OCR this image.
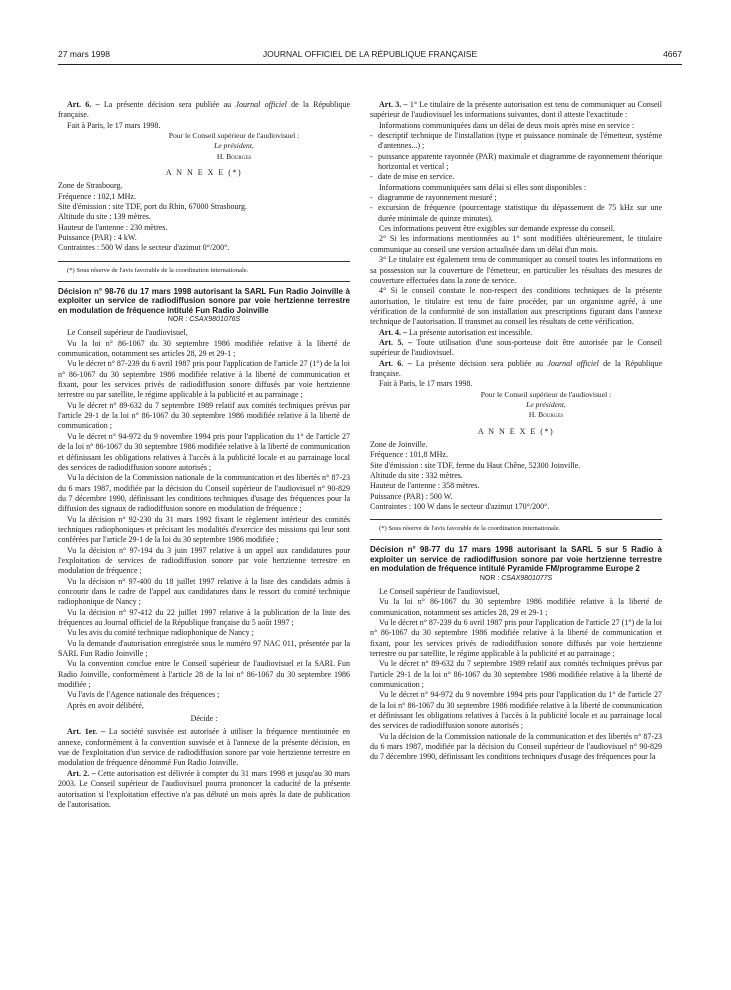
27 mars 1998	JOURNAL OFFICIEL DE LA RÉPUBLIQUE FRANÇAISE	4667

Art. 6. – La présente décision sera publiée au Journal officiel de la République française.

Fait à Paris, le 17 mars 1998.

Pour le Conseil supérieur de l'audiovisuel :

Le président,

H. Bourges

A N N E X E (*)

Zone de Strasbourg.

Fréquence : 102,1 MHz.

Site d'émission : site TDF, port du Rhin, 67000 Strasbourg.

Altitude du site : 139 mètres.

Hauteur de l'antenne : 230 mètres.

Puissance (PAR) : 4 kW.

Contraintes : 500 W dans le secteur d'azimut 0°/200°.

(*) Sous réserve de l'avis favorable de la coordination internationale.

Décision n° 98-76 du 17 mars 1998 autorisant la SARL Fun Radio Joinville à exploiter un service de radiodiffusion sonore par voie hertzienne terrestre en modulation de fréquence intitulé Fun Radio Joinville

NOR : CSAX9801076S

Le Conseil supérieur de l'audiovisuel,

Vu la loi n° 86-1067 du 30 septembre 1986 modifiée relative à la liberté de communication, notamment ses articles 28, 29 et 29-1 ;

Vu le décret n° 87-239 du 6 avril 1987 pris pour l'application de l'article 27 (1°) de la loi n° 86-1067 du 30 septembre 1986 modifiée relative à la liberté de communication et fixant, pour les services privés de radiodiffusion sonore diffusés par voie hertzienne terrestre ou par satellite, le régime applicable à la publicité et au parrainage ;

Vu le décret n° 89-632 du 7 septembre 1989 relatif aux comités techniques prévus par l'article 29-1 de la loi n° 86-1067 du 30 septembre 1986 modifiée relative à la liberté de communication ;

Vu le décret n° 94-972 du 9 novembre 1994 pris pour l'application du 1° de l'article 27 de la loi n° 86-1067 du 30 septembre 1986 modifiée relative à la liberté de communication et définissant les obligations relatives à l'accès à la publicité locale et au parrainage local des services de radiodiffusion sonore autorisés ;

Vu la décision de la Commission nationale de la communication et des libertés n° 87-23 du 6 mars 1987, modifiée par la décision du Conseil supérieur de l'audiovisuel n° 90-829 du 7 décembre 1990, définissant les conditions techniques d'usage des fréquences pour la diffusion des signaux de radiodiffusion sonore en modulation de fréquence ;

Vu la décision n° 92-230 du 31 mars 1992 fixant le règlement intérieur des comités techniques radiophoniques et précisant les modalités d'exercice des missions qui leur sont conférées par l'article 29-1 de la loi du 30 septembre 1986 modifiée ;

Vu la décision n° 97-194 du 3 juin 1997 relative à un appel aux candidatures pour l'exploitation de services de radiodiffusion sonore par voie hertzienne terrestre en modulation de fréquence ;

Vu la décision n° 97-400 du 18 juillet 1997 relative à la liste des candidats admis à concourir dans le cadre de l'appel aux candidatures dans le ressort du comité technique radiophonique de Nancy ;

Vu la décision n° 97-412 du 22 juillet 1997 relative à la publication de la liste des fréquences au Journal officiel de la République française du 5 août 1997 ;

Vu les avis du comité technique radiophonique de Nancy ;

Vu la demande d'autorisation enregistrée sous le numéro 97 NAC 011, présentée par la SARL Fun Radio Joinville ;

Vu la convention conclue entre le Conseil supérieur de l'audiovisuel et la SARL Fun Radio Joinville, conformément à l'article 28 de la loi n° 86-1067 du 30 septembre 1986 modifiée ;

Vu l'avis de l'Agence nationale des fréquences ;

Après en avoir délibéré,

Décide :

Art. 1er. – La société susvisée est autorisée à utiliser la fréquence mentionnée en annexe, conformément à la convention susvisée et à l'annexe de la présente décision, en vue de l'exploitation d'un service de radiodiffusion sonore par voie hertzienne terrestre en modulation de fréquence dénommé Fun Radio Joinville.

Art. 2. – Cette autorisation est délivrée à compter du 31 mars 1998 et jusqu'au 30 mars 2003. Le Conseil supérieur de l'audiovisuel pourra prononcer la caducité de la présente autorisation si l'exploitation effective n'a pas débuté un mois après la date de publication de l'autorisation.

Art. 3. – 1° Le titulaire de la présente autorisation est tenu de communiquer au Conseil supérieur de l'audiovisuel les informations suivantes, dont il atteste l'exactitude :

Informations communiquées dans un délai de deux mois après mise en service :

- descriptif technique de l'installation (type et puissance nominale de l'émetteur, système d'antennes...) ;

- puissance apparente rayonnée (PAR) maximale et diagramme de rayonnement théorique horizontal et vertical ;

- date de mise en service.

Informations communiquées sans délai si elles sont disponibles :

- diagramme de rayonnement mesuré ;

- excursion de fréquence (pourcentage statistique du dépassement de 75 kHz sur une durée minimale de quinze minutes).

Ces informations peuvent être exigibles sur demande expresse du conseil.

2° Si les informations mentionnées au 1° sont modifiées ultérieurement, le titulaire communique au conseil une version actualisée dans un délai d'un mois.

3° Le titulaire est également tenu de communiquer au conseil toutes les informations en sa possession sur la couverture de l'émetteur, en particulier les résultats des mesures de couverture effectuées dans la zone de service.

4° Si le conseil constate le non-respect des conditions techniques de la présente autorisation, le titulaire est tenu de faire procéder, par un organisme agréé, à une vérification de la conformité de son installation aux prescriptions figurant dans l'annexe technique de l'autorisation. Il transmet au conseil les résultats de cette vérification.

Art. 4. – La présente autorisation est incessible.

Art. 5. – Toute utilisation d'une sous-porteuse doit être autorisée par le Conseil supérieur de l'audiovisuel.

Art. 6. – La présente décision sera publiée au Journal officiel de la République française.

Fait à Paris, le 17 mars 1998.

Pour le Conseil supérieur de l'audiovisuel :

Le président,

H. Bourges

A N N E X E (*)

Zone de Joinville.

Fréquence : 101,8 MHz.

Site d'émission : site TDF, ferme du Haut Chêne, 52300 Joinville.

Altitude du site : 332 mètres.

Hauteur de l'antenne : 358 mètres.

Puissance (PAR) : 500 W.

Contraintes : 100 W dans le secteur d'azimut 170°/200°.

(*) Sous réserve de l'avis favorable de la coordination internationale.

Décision n° 98-77 du 17 mars 1998 autorisant la SARL 5 sur 5 Radio à exploiter un service de radiodiffusion sonore par voie hertzienne terrestre en modulation de fréquence intitulé Pyramide FM/programme Europe 2

NOR : CSAX9801077S

Le Conseil supérieur de l'audiovisuel,

Vu la loi n° 86-1067 du 30 septembre 1986 modifiée relative à la liberté de communication, notamment ses articles 28, 29 et 29-1 ;

Vu le décret n° 87-239 du 6 avril 1987 pris pour l'application de l'article 27 (1°) de la loi n° 86-1067 du 30 septembre 1986 modifiée relative à la liberté de communication et fixant, pour les services privés de radiodiffusion sonore diffusés par voie hertzienne terrestre ou par satellite, le régime applicable à la publicité et au parrainage ;

Vu le décret n° 89-632 du 7 septembre 1989 relatif aux comités techniques prévus par l'article 29-1 de la loi n° 86-1067 du 30 septembre 1986 modifiée relative à la liberté de communication ;

Vu le décret n° 94-972 du 9 novembre 1994 pris pour l'application du 1° de l'article 27 de la loi n° 86-1067 du 30 septembre 1986 modifiée relative à la liberté de communication et définissant les obligations relatives à l'accès à la publicité locale et au parrainage local des services de radiodiffusion sonore autorisés ;

Vu la décision de la Commission nationale de la communication et des libertés n° 87-23 du 6 mars 1987, modifiée par la décision du Conseil supérieur de l'audiovisuel n° 90-829 du 7 décembre 1990, définissant les conditions techniques d'usage des fréquences pour la
